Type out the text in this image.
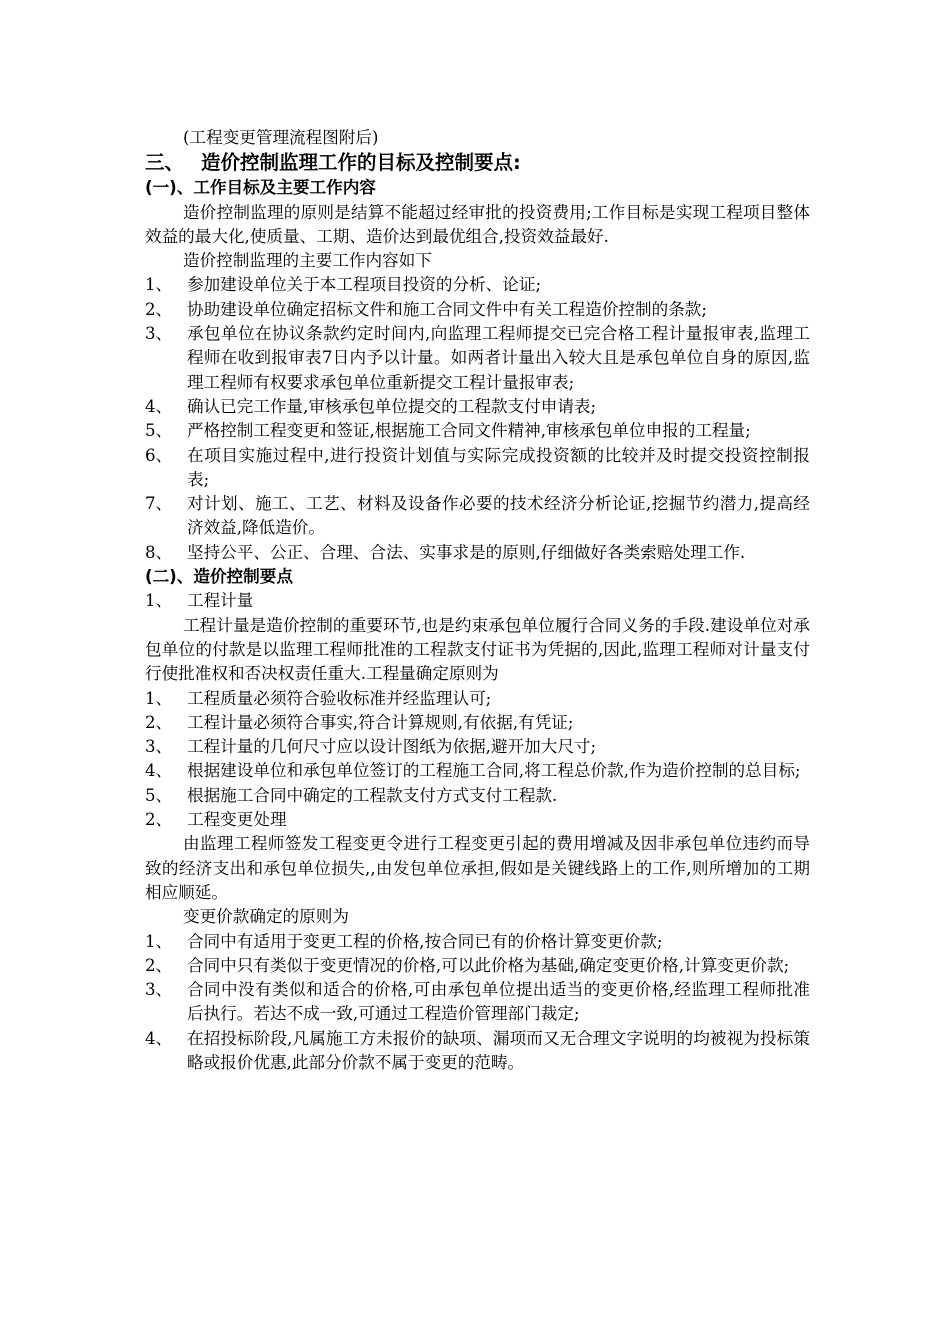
(工程变更管理流程图附后)
三、 造价控制监理工作的目标及控制要点:
(一)、工作目标及主要工作内容
造价控制监理的原则是结算不能超过经审批的投资费用;工作目标是实现工程项目整体效益的最大化,使质量、工期、造价达到最优组合,投资效益最好.
造价控制监理的主要工作内容如下
1、 参加建设单位关于本工程项目投资的分析、论证;
2、 协助建设单位确定招标文件和施工合同文件中有关工程造价控制的条款;
3、 承包单位在协议条款约定时间内,向监理工程师提交已完合格工程计量报审表,监理工程师在收到报审表7日内予以计量。如两者计量出入较大且是承包单位自身的原因,监理工程师有权要求承包单位重新提交工程计量报审表;
4、 确认已完工作量,审核承包单位提交的工程款支付申请表;
5、 严格控制工程变更和签证,根据施工合同文件精神,审核承包单位申报的工程量;
6、 在项目实施过程中,进行投资计划值与实际完成投资额的比较并及时提交投资控制报表;
7、 对计划、施工、工艺、材料及设备作必要的技术经济分析论证,挖掘节约潜力,提高经济效益,降低造价。
8、 坚持公平、公正、合理、合法、实事求是的原则,仔细做好各类索赔处理工作.
(二)、造价控制要点
1、 工程计量
工程计量是造价控制的重要环节,也是约束承包单位履行合同义务的手段.建设单位对承包单位的付款是以监理工程师批准的工程款支付证书为凭据的,因此,监理工程师对计量支付行使批准权和否决权责任重大.工程量确定原则为
1、 工程质量必须符合验收标准并经监理认可;
2、 工程计量必须符合事实,符合计算规则,有依据,有凭证;
3、 工程计量的几何尺寸应以设计图纸为依据,避开加大尺寸;
4、 根据建设单位和承包单位签订的工程施工合同,将工程总价款,作为造价控制的总目标;
5、 根据施工合同中确定的工程款支付方式支付工程款.
2、 工程变更处理
由监理工程师签发工程变更令进行工程变更引起的费用增减及因非承包单位违约而导致的经济支出和承包单位损失,,由发包单位承担,假如是关键线路上的工作,则所增加的工期相应顺延。
变更价款确定的原则为
1、 合同中有适用于变更工程的价格,按合同已有的价格计算变更价款;
2、 合同中只有类似于变更情况的价格,可以此价格为基础,确定变更价格,计算变更价款;
3、 合同中没有类似和适合的价格,可由承包单位提出适当的变更价格,经监理工程师批准后执行。若达不成一致,可通过工程造价管理部门裁定;
4、 在招投标阶段,凡属施工方未报价的缺项、漏项而又无合理文字说明的均被视为投标策略或报价优惠,此部分价款不属于变更的范畴。
